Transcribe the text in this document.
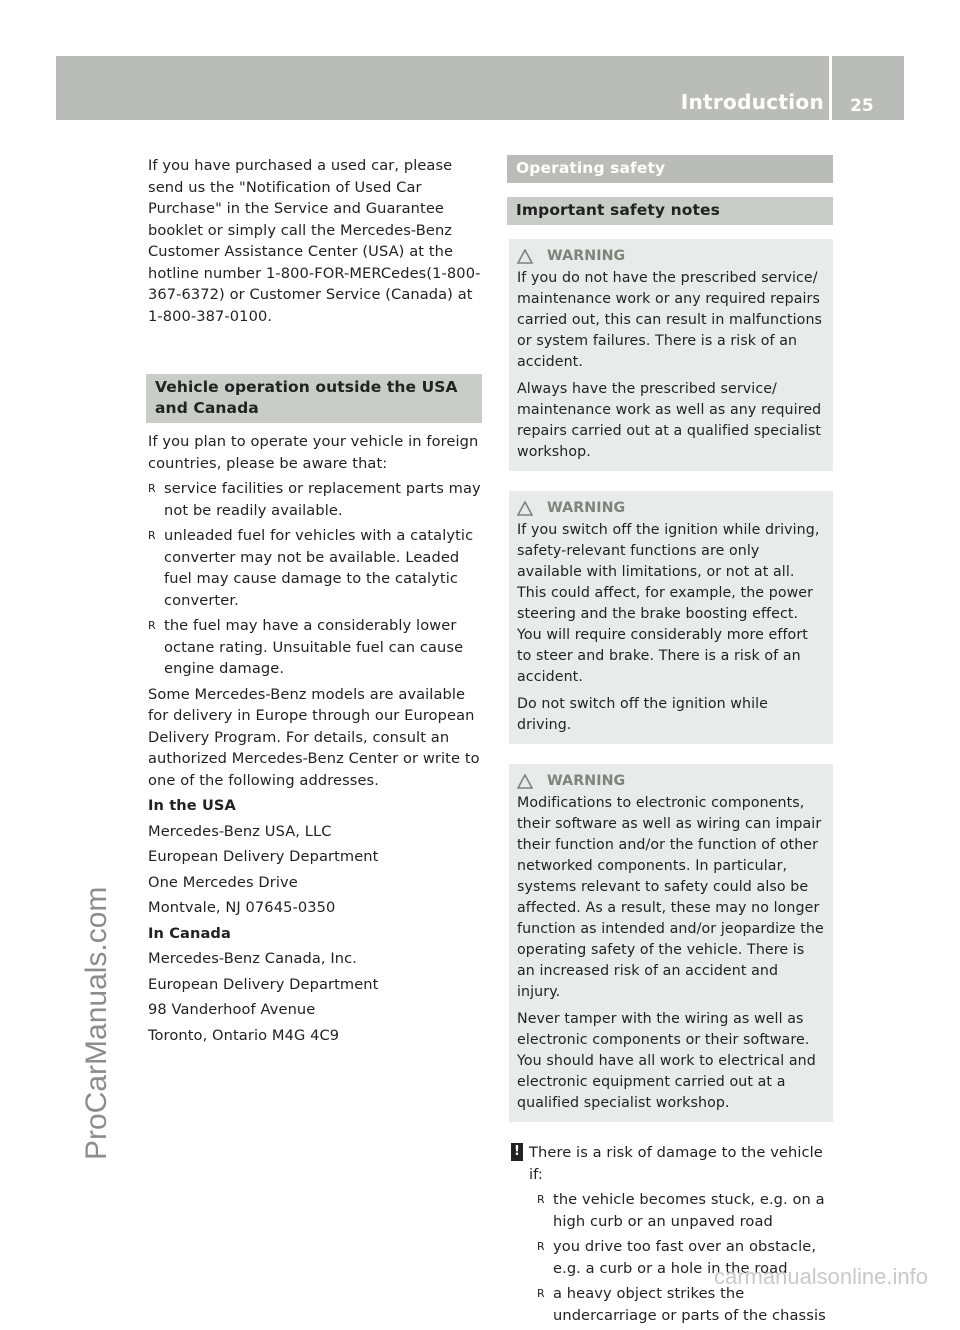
Introduction 25
ProCarManuals.com

If you have purchased a used car, please send us the "Notification of Used Car Purchase" in the Service and Guarantee booklet or simply call the Mercedes-Benz Customer Assistance Center (USA) at the hotline number 1-800-FOR-MERCedes(1-800-367-6372) or Customer Service (Canada) at 1-800-387-0100.

Vehicle operation outside the USA and Canada

If you plan to operate your vehicle in foreign countries, please be aware that:

R service facilities or replacement parts may not be readily available.
R unleaded fuel for vehicles with a catalytic converter may not be available. Leaded fuel may cause damage to the catalytic converter.
R the fuel may have a considerably lower octane rating. Unsuitable fuel can cause engine damage.

Some Mercedes-Benz models are available for delivery in Europe through our European Delivery Program. For details, consult an authorized Mercedes-Benz Center or write to one of the following addresses.

In the USA

Mercedes-Benz USA, LLC

European Delivery Department

One Mercedes Drive

Montvale, NJ 07645-0350

In Canada

Mercedes-Benz Canada, Inc.

European Delivery Department

98 Vanderhoof Avenue

Toronto, Ontario M4G 4C9

Operating safety
Important safety notes
WARNING

If you do not have the prescribed service/ maintenance work or any required repairs carried out, this can result in malfunctions or system failures. There is a risk of an accident.

Always have the prescribed service/ maintenance work as well as any required repairs carried out at a qualified specialist workshop.

WARNING

If you switch off the ignition while driving, safety-relevant functions are only available with limitations, or not at all. This could affect, for example, the power steering and the brake boosting effect. You will require considerably more effort to steer and brake. There is a risk of an accident.

Do not switch off the ignition while driving.

WARNING

Modifications to electronic components, their software as well as wiring can impair their function and/or the function of other networked components. In particular, systems relevant to safety could also be affected. As a result, these may no longer function as intended and/or jeopardize the operating safety of the vehicle. There is an increased risk of an accident and injury.

Never tamper with the wiring as well as electronic components or their software. You should have all work to electrical and electronic equipment carried out at a qualified specialist workshop.

! There is a risk of damage to the vehicle if:

R the vehicle becomes stuck, e.g. on a high curb or an unpaved road
R you drive too fast over an obstacle, e.g. a curb or a hole in the road
R a heavy object strikes the undercarriage or parts of the chassis
carmanualsonline.info
